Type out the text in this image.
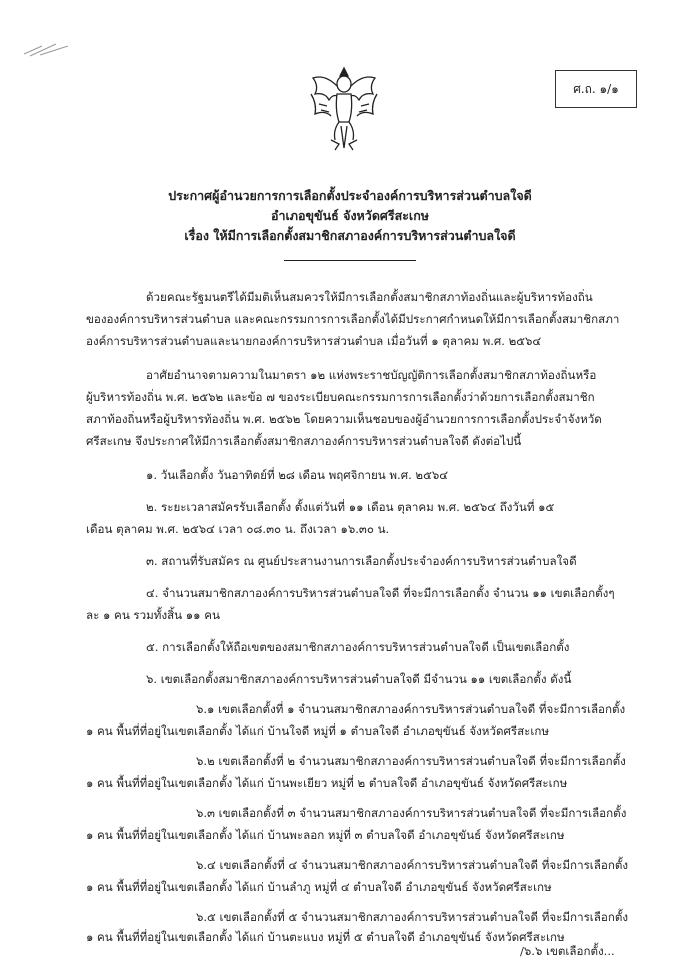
ศ.ถ. ๑/๑
ประกาศผู้อำนวยการการเลือกตั้งประจำองค์การบริหารส่วนตำบลใจดี
อำเภอขุขันธ์ จังหวัดศรีสะเกษ
เรื่อง ให้มีการเลือกตั้งสมาชิกสภาองค์การบริหารส่วนตำบลใจดี
ด้วยคณะรัฐมนตรีได้มีมติเห็นสมควรให้มีการเลือกตั้งสมาชิกสภาท้องถิ่นและผู้บริหารท้องถิ่น
ขององค์การบริหารส่วนตำบล และคณะกรรมการการเลือกตั้งได้มีประกาศกำหนดให้มีการเลือกตั้งสมาชิกสภา
องค์การบริหารส่วนตำบลและนายกองค์การบริหารส่วนตำบล เมื่อวันที่ ๑ ตุลาคม พ.ศ. ๒๕๖๔
อาศัยอำนาจตามความในมาตรา ๑๒ แห่งพระราชบัญญัติการเลือกตั้งสมาชิกสภาท้องถิ่นหรือ
ผู้บริหารท้องถิ่น พ.ศ. ๒๕๖๒ และข้อ ๗ ของระเบียบคณะกรรมการการเลือกตั้งว่าด้วยการเลือกตั้งสมาชิก
สภาท้องถิ่นหรือผู้บริหารท้องถิ่น พ.ศ. ๒๕๖๒ โดยความเห็นชอบของผู้อำนวยการการเลือกตั้งประจำจังหวัด
ศรีสะเกษ จึงประกาศให้มีการเลือกตั้งสมาชิกสภาองค์การบริหารส่วนตำบลใจดี ดังต่อไปนี้
๑. วันเลือกตั้ง วันอาทิตย์ที่ ๒๘ เดือน พฤศจิกายน พ.ศ. ๒๕๖๔
๒. ระยะเวลาสมัครรับเลือกตั้ง ตั้งแต่วันที่ ๑๑ เดือน ตุลาคม พ.ศ. ๒๕๖๔ ถึงวันที่ ๑๕
เดือน ตุลาคม พ.ศ. ๒๕๖๔ เวลา ๐๘.๓๐ น. ถึงเวลา ๑๖.๓๐ น.
๓. สถานที่รับสมัคร ณ ศูนย์ประสานงานการเลือกตั้งประจำองค์การบริหารส่วนตำบลใจดี
๔. จำนวนสมาชิกสภาองค์การบริหารส่วนตำบลใจดี ที่จะมีการเลือกตั้ง จำนวน ๑๑ เขตเลือกตั้งๆ
ละ ๑ คน รวมทั้งสิ้น ๑๑ คน
๕. การเลือกตั้งให้ถือเขตของสมาชิกสภาองค์การบริหารส่วนตำบลใจดี เป็นเขตเลือกตั้ง
๖. เขตเลือกตั้งสมาชิกสภาองค์การบริหารส่วนตำบลใจดี มีจำนวน ๑๑ เขตเลือกตั้ง ดังนี้
๖.๑ เขตเลือกตั้งที่ ๑ จำนวนสมาชิกสภาองค์การบริหารส่วนตำบลใจดี ที่จะมีการเลือกตั้ง
๑ คน พื้นที่ที่อยู่ในเขตเลือกตั้ง ได้แก่ บ้านใจดี หมู่ที่ ๑ ตำบลใจดี อำเภอขุขันธ์ จังหวัดศรีสะเกษ
๖.๒ เขตเลือกตั้งที่ ๒ จำนวนสมาชิกสภาองค์การบริหารส่วนตำบลใจดี ที่จะมีการเลือกตั้ง
๑ คน พื้นที่ที่อยู่ในเขตเลือกตั้ง ได้แก่ บ้านพะเยียว หมู่ที่ ๒ ตำบลใจดี อำเภอขุขันธ์ จังหวัดศรีสะเกษ
๖.๓ เขตเลือกตั้งที่ ๓ จำนวนสมาชิกสภาองค์การบริหารส่วนตำบลใจดี ที่จะมีการเลือกตั้ง
๑ คน พื้นที่ที่อยู่ในเขตเลือกตั้ง ได้แก่ บ้านพะลอก หมู่ที่ ๓ ตำบลใจดี อำเภอขุขันธ์ จังหวัดศรีสะเกษ
๖.๔ เขตเลือกตั้งที่ ๔ จำนวนสมาชิกสภาองค์การบริหารส่วนตำบลใจดี ที่จะมีการเลือกตั้ง
๑ คน พื้นที่ที่อยู่ในเขตเลือกตั้ง ได้แก่ บ้านลำภู หมู่ที่ ๔ ตำบลใจดี อำเภอขุขันธ์ จังหวัดศรีสะเกษ
๖.๕ เขตเลือกตั้งที่ ๕ จำนวนสมาชิกสภาองค์การบริหารส่วนตำบลใจดี ที่จะมีการเลือกตั้ง
๑ คน พื้นที่ที่อยู่ในเขตเลือกตั้ง ได้แก่ บ้านตะแบง หมู่ที่ ๕ ตำบลใจดี อำเภอขุขันธ์ จังหวัดศรีสะเกษ
/๖.๖ เขตเลือกตั้ง...
